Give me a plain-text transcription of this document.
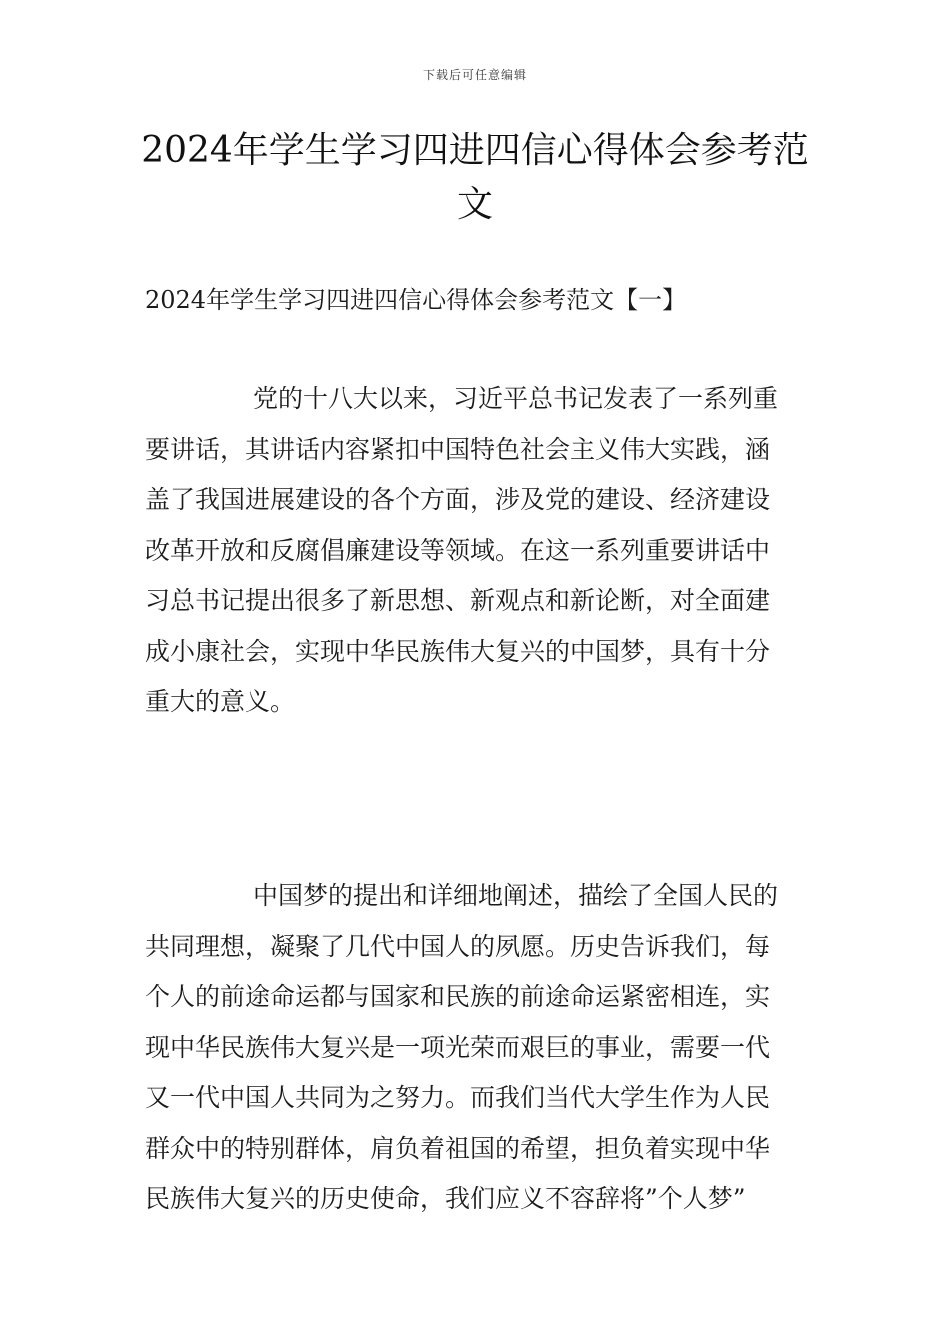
下载后可任意编辑
2024年学生学习四进四信心得体会参考范
文
2024年学生学习四进四信心得体会参考范文【一】
党的十八大以来，习近平总书记发表了一系列重
要讲话，其讲话内容紧扣中国特色社会主义伟大实践，涵
盖了我国进展建设的各个方面，涉及党的建设、经济建设
改革开放和反腐倡廉建设等领域。在这一系列重要讲话中
习总书记提出很多了新思想、新观点和新论断，对全面建
成小康社会，实现中华民族伟大复兴的中国梦，具有十分
重大的意义。
中国梦的提出和详细地阐述，描绘了全国人民的
共同理想，凝聚了几代中国人的夙愿。历史告诉我们，每
个人的前途命运都与国家和民族的前途命运紧密相连，实
现中华民族伟大复兴是一项光荣而艰巨的事业，需要一代
又一代中国人共同为之努力。而我们当代大学生作为人民
群众中的特别群体，肩负着祖国的希望，担负着实现中华
民族伟大复兴的历史使命，我们应义不容辞将”个人梦”
